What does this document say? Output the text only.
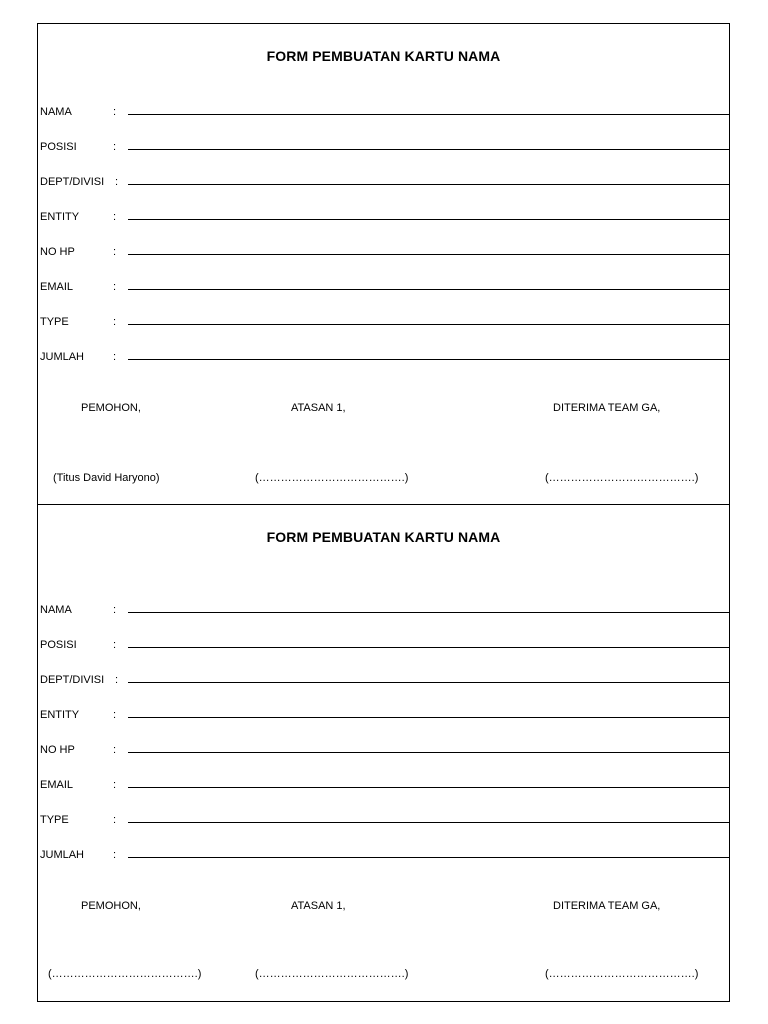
FORM PEMBUATAN KARTU NAMA
NAMA	:
POSISI	:
DEPT/DIVISI :
ENTITY	:
NO HP	:
EMAIL	:
TYPE	:
JUMLAH	:
PEMOHON,	ATASAN 1,	DITERIMA TEAM GA,
(Titus David Haryono)	(………………………………….)	(………………………………….)
FORM PEMBUATAN KARTU NAMA
NAMA	:
POSISI	:
DEPT/DIVISI :
ENTITY	:
NO HP	:
EMAIL	:
TYPE	:
JUMLAH	:
PEMOHON,	ATASAN 1,	DITERIMA TEAM GA,
(………………………………….)	(………………………………….)	(………………………………….)
